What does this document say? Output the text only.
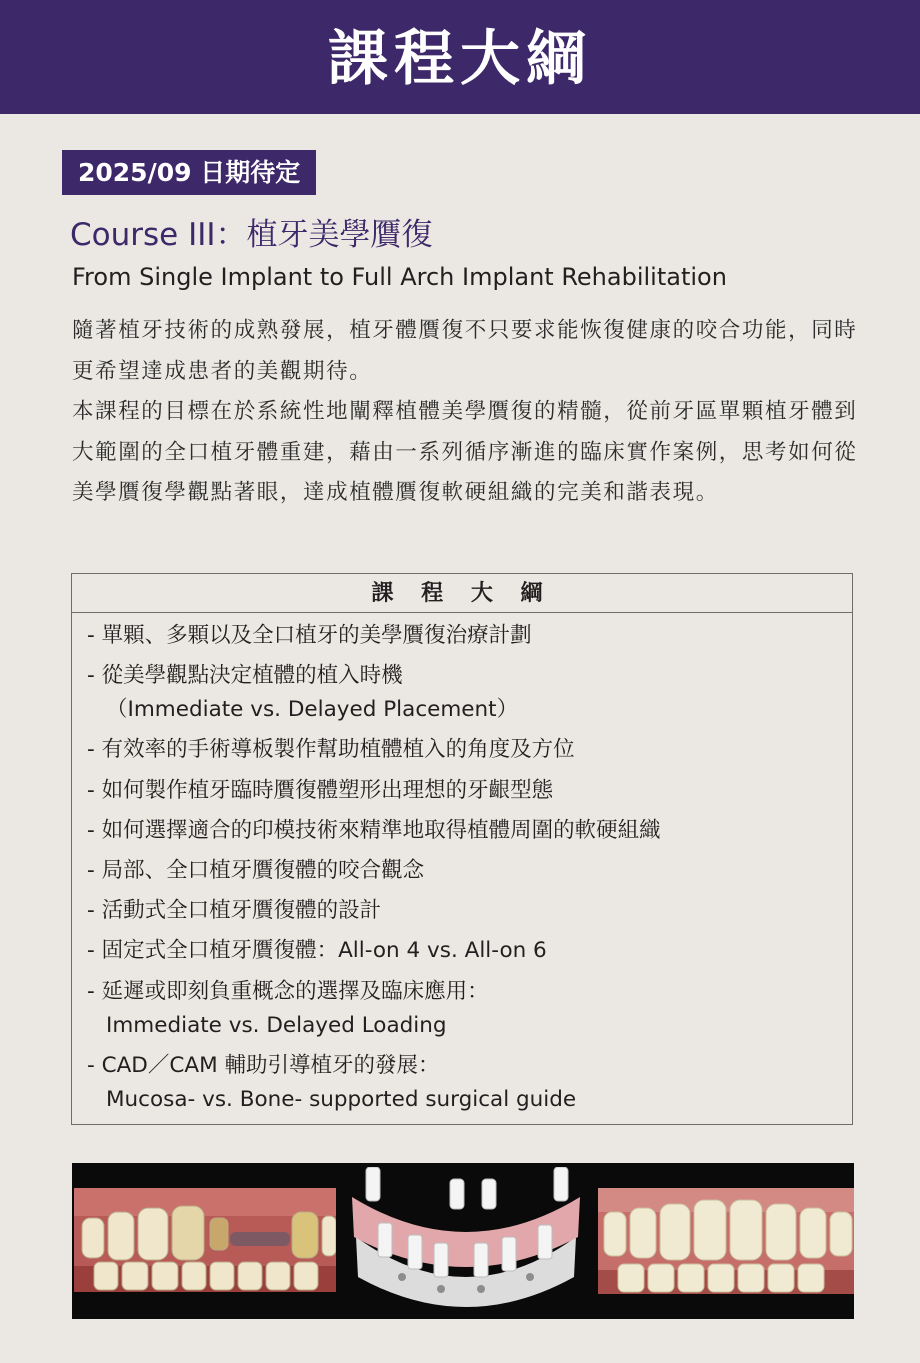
課程大綱
2025/09 日期待定
Course III：植牙美學贋復
From Single Implant to Full Arch Implant Rehabilitation

隨著植牙技術的成熟發展，植牙體贋復不只要求能恢復健康的咬合功能，同時更希望達成患者的美觀期待。

本課程的目標在於系統性地闡釋植體美學贋復的精髓，從前牙區單顆植牙體到大範圍的全口植牙體重建，藉由一系列循序漸進的臨床實作案例，思考如何從美學贋復學觀點著眼，達成植體贋復軟硬組織的完美和諧表現。

課 程 大 綱
- 單顆、多顆以及全口植牙的美學贋復治療計劃
- 從美學觀點決定植體的植入時機
（Immediate vs. Delayed Placement）
- 有效率的手術導板製作幫助植體植入的角度及方位
- 如何製作植牙臨時贋復體塑形出理想的牙齦型態
- 如何選擇適合的印模技術來精準地取得植體周圍的軟硬組織
- 局部、全口植牙贋復體的咬合觀念
- 活動式全口植牙贋復體的設計
- 固定式全口植牙贋復體：All-on 4 vs. All-on 6
- 延遲或即刻負重概念的選擇及臨床應用：
Immediate vs. Delayed Loading
- CAD／CAM 輔助引導植牙的發展：
Mucosa- vs. Bone- supported surgical guide
